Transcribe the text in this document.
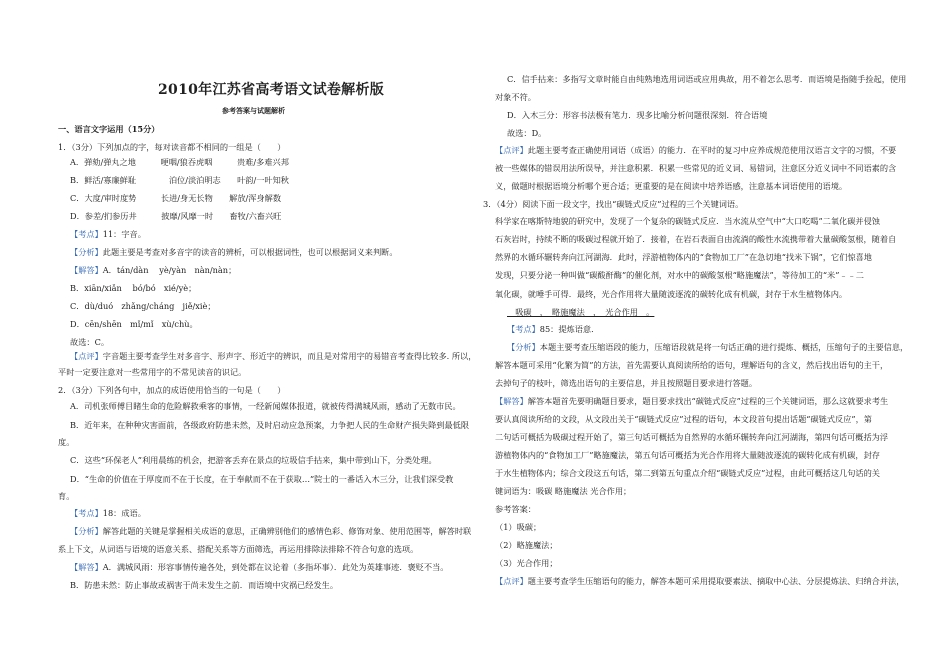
2010年江苏省高考语文试卷解析版
参考答案与试题解析
一、语言文字运用（15分）
1．（3分）下列加点的字，每对读音都不相同的一组是（　　）
A．弹劾/弹丸之地　　　哽咽/狼吞虎咽　　　贵难/多难兴邦
B．鲜活/寡廉鲜耻　　　　泊位/淡泊明志　　叶韵/一叶知秋
C．大度/审时度势　　　长进/身无长物　　解放/浑身解数
D．参差/扪参历井　　　披靡/风靡一时　　畜牧/六畜兴旺
【考点】11：字音。
【分析】此题主要是考查对多音字的读音的辨析，可以根据词性，也可以根据词义来判断。
【解答】A．tán/dàn　 yè/yàn　nàn/nàn；
B．xiān/xiǎn　 bó/bó　xié/yè；
C．dù/duó　zhǎng/cháng　jiě/xiè；
D．cēn/shēn　mǐ/mǐ　xù/chù。
故选：C。
【点评】字音题主要考查学生对多音字、形声字、形近字的辨识，而且是对常用字的易错音考查得比较多. 所以，
平时一定要注意对一些常用字的不常见读音的识记。
2．（3分）下列各句中，加点的成语使用恰当的一句是（　　）
A．司机张师傅目睹生命的危险解救乘客的事情，一经新闻媒体报道，就被传得满城风雨，感动了无数市民。
B．近年来，在种种灾害面前，各级政府防患未然，及时启动应急预案，力争把人民的生命财产损失降到最低限
度。
C．这些“环保老人”利用晨练的机会，把游客丢弃在景点的垃圾信手拈来，集中带到山下，分类处理。
D．“生命的价值在于厚度而不在于长度，在于奉献而不在于获取…”院士的一番话入木三分，让我们深受教
育。
【考点】18：成语。
【分析】解答此题的关键是掌握相关成语的意思，正确辨别他们的感情色彩、修饰对象、使用范围等，解答时联
系上下文，从词语与语境的语意关系、搭配关系等方面筛选，再运用排除法排除不符合句意的选项。
【解答】A．满城风雨：形容事情传遍各处，到处都在议论着（多指坏事）．此处为英雄事迹．褒贬不当。
B．防患未然：防止事故或祸害于尚未发生之前．而语境中灾祸已经发生。
C．信手拈来：多指写文章时能自由纯熟地选用词语或应用典故，用不着怎么思考．而语境是指随手捡起，使用
对象不符。
D．入木三分：形容书法极有笔力．现多比喻分析问题很深刻．符合语境
故选：D。
【点评】此题主要考查正确使用词语（成语）的能力．在平时的复习中应养成规范使用汉语言文字的习惯，不要
被一些媒体的错误用法所误导，并注意积累．积累一些常见的近义词、易错词，注意区分近义词中不同语素的含
义，做题时根据语境分析哪个更合适；更重要的是在阅读中培养语感，注意基本词语使用的语境。
3．（4分）阅读下面一段文字，找出“碳链式反应”过程的三个关键词语。
科学家在喀斯特地貌的研究中，发现了一个复杂的碳链式反应．当水流从空气中“大口吃喝”二氧化碳并侵蚀
石灰岩时，持续不断的吸碳过程就开始了．接着，在岩石表面自由流淌的酸性水流携带着大量碳酸氢根，随着自
然界的水循环辗转奔向江河湖海．此时，浮游植物体内的“食物加工厂”在急切地“找米下锅”，它们惊喜地
发现，只要分泌一种叫做“碳酸酐酶”的催化剂，对水中的碳酸氢根“略施魔法”，等待加工的“米”﹣﹣二
氧化碳，就唾手可得．最终，光合作用将大量随波逐流的碳转化成有机碳，封存于水生植物体内。
　吸碳　，　略施魔法　，　光合作用　。
【考点】85：提炼语意．
【分析】本题主要考查压缩语段的能力，压缩语段就是将一句话正确的进行提炼、概括，压缩句子的主要信息，
解答本题可采用“化繁为简”的方法，首先需要认真阅读所给的语句，理解语句的含义，然后找出语句的主干，
去掉句子的枝叶，筛选出语句的主要信息，并且按照题目要求进行答题。
【解答】解答本题首先要明确题目要求，题目要求找出“碳链式反应”过程的三个关键词语，那么这就要求考生
要认真阅读所给的文段，从文段出关于“碳链式反应”过程的语句，本文段首句提出话题“碳链式反应”，第
二句话可概括为吸碳过程开始了，第三句话可概括为自然界的水循环辗转奔向江河湖海，第四句话可概括为浮
游植物体内的“食物加工厂”略施魔法，第五句话可概括为光合作用将大量随波逐流的碳转化成有机碳，封存
于水生植物体内；综合文段这五句话，第二到第五句重点介绍“碳链式反应”过程，由此可概括这几句话的关
键词语为：吸碳 略施魔法 光合作用；
参考答案：
（1）吸碳；
（2）略施魔法；
（3）光合作用；
【点评】题主要考查学生压缩语句的能力，解答本题可采用提取要素法、摘取中心法、分层提炼法、归纳合并法，
